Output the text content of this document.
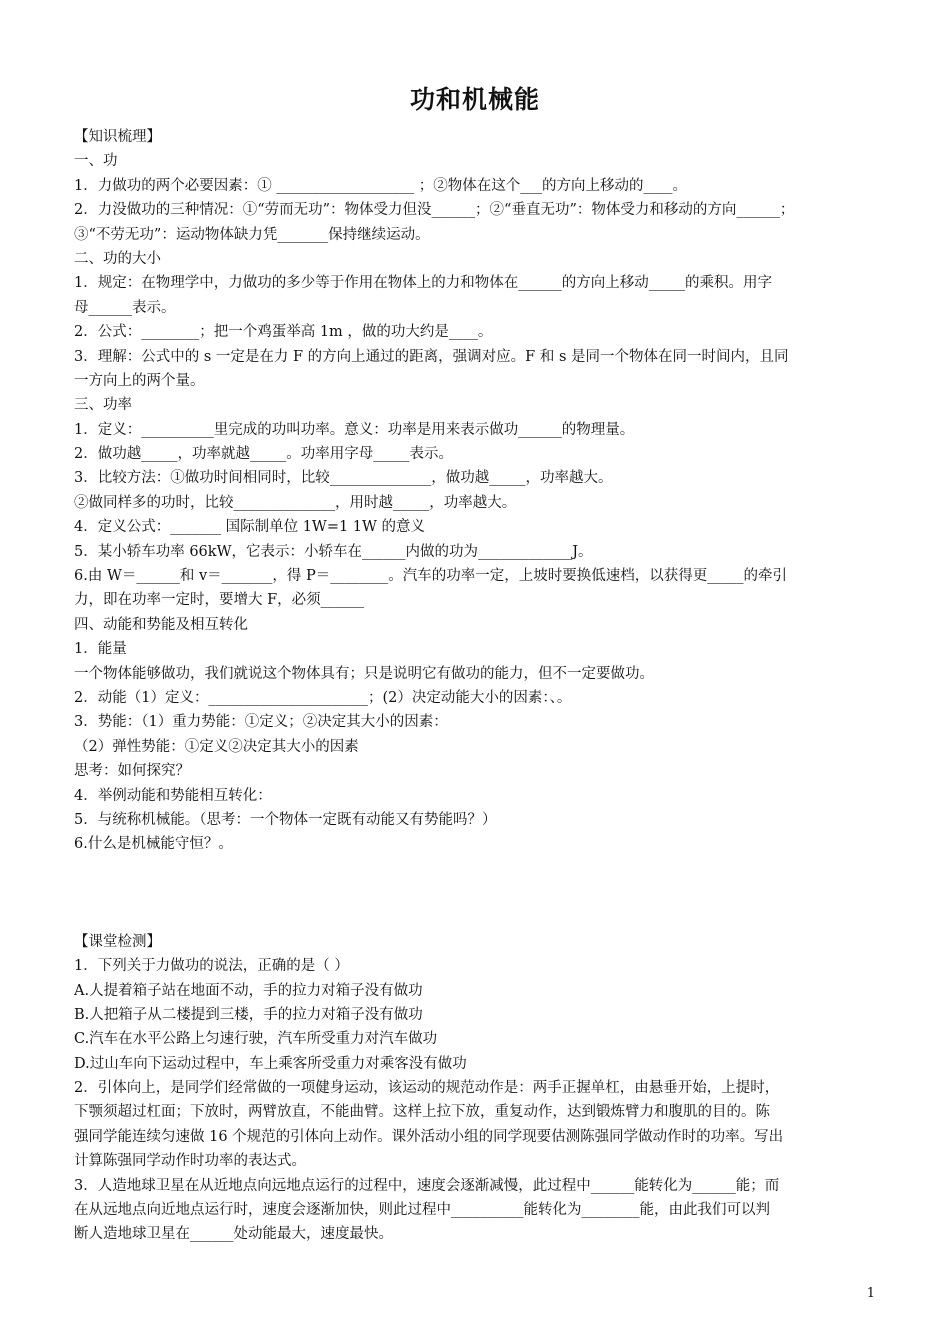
功和机械能
【知识梳理】
一、功
1．力做功的两个必要因素：① ___________________ ；②物体在这个___的方向上移动的____。
2．力没做功的三种情况：①“劳而无功”：物体受力但没______；②“垂直无功”：物体受力和移动的方向______；
③“不劳无功”：运动物体缺力凭_______保持继续运动。
二、功的大小
1．规定：在物理学中，力做功的多少等于作用在物体上的力和物体在______的方向上移动_____的乘积。用字
母______表示。
2．公式：________；把一个鸡蛋举高 1m ，做的功大约是____。
3．理解：公式中的 s 一定是在力 F 的方向上通过的距离，强调对应。F 和 s 是同一个物体在同一时间内，且同
一方向上的两个量。
三、功率
1．定义：__________里完成的功叫功率。意义：功率是用来表示做功______的物理量。
2．做功越_____，功率就越_____。功率用字母_____表示。
3．比较方法：①做功时间相同时，比较______________，做功越_____，功率越大。
②做同样多的功时，比较______________，用时越_____，功率越大。
4．定义公式：_______ 国际制单位 1W=1 1W 的意义
5．某小轿车功率 66kW，它表示：小轿车在______内做的功为_____________J。
6.由 W＝______和 v＝_______，得 P＝________。汽车的功率一定，上坡时要换低速档，以获得更_____的牵引
力，即在功率一定时，要增大 F，必须______
四、动能和势能及相互转化
1．能量
一个物体能够做功，我们就说这个物体具有；只是说明它有做功的能力，但不一定要做功。
2．动能（1）定义：______________________；(2）决定动能大小的因素：、。
3．势能：（1）重力势能：①定义；②决定其大小的因素：
（2）弹性势能：①定义②决定其大小的因素
思考：如何探究？
4．举例动能和势能相互转化：
5．与统称机械能。（思考：一个物体一定既有动能又有势能吗？）
6.什么是机械能守恒？。
【课堂检测】
1．下列关于力做功的说法，正确的是（ ）
A.人提着箱子站在地面不动，手的拉力对箱子没有做功
B.人把箱子从二楼提到三楼，手的拉力对箱子没有做功
C.汽车在水平公路上匀速行驶，汽车所受重力对汽车做功
D.过山车向下运动过程中，车上乘客所受重力对乘客没有做功
2．引体向上，是同学们经常做的一项健身运动，该运动的规范动作是：两手正握单杠，由悬垂开始，上提时，
下颚须超过杠面；下放时，两臂放直，不能曲臂。这样上拉下放，重复动作，达到锻炼臂力和腹肌的目的。陈
强同学能连续匀速做 16 个规范的引体向上动作。课外活动小组的同学现要估测陈强同学做动作时的功率。写出
计算陈强同学动作时功率的表达式。
3．人造地球卫星在从近地点向远地点运行的过程中，速度会逐渐减慢，此过程中______能转化为______能；而
在从远地点向近地点运行时，速度会逐渐加快，则此过程中__________能转化为________能，由此我们可以判
断人造地球卫星在______处动能最大，速度最快。
1
